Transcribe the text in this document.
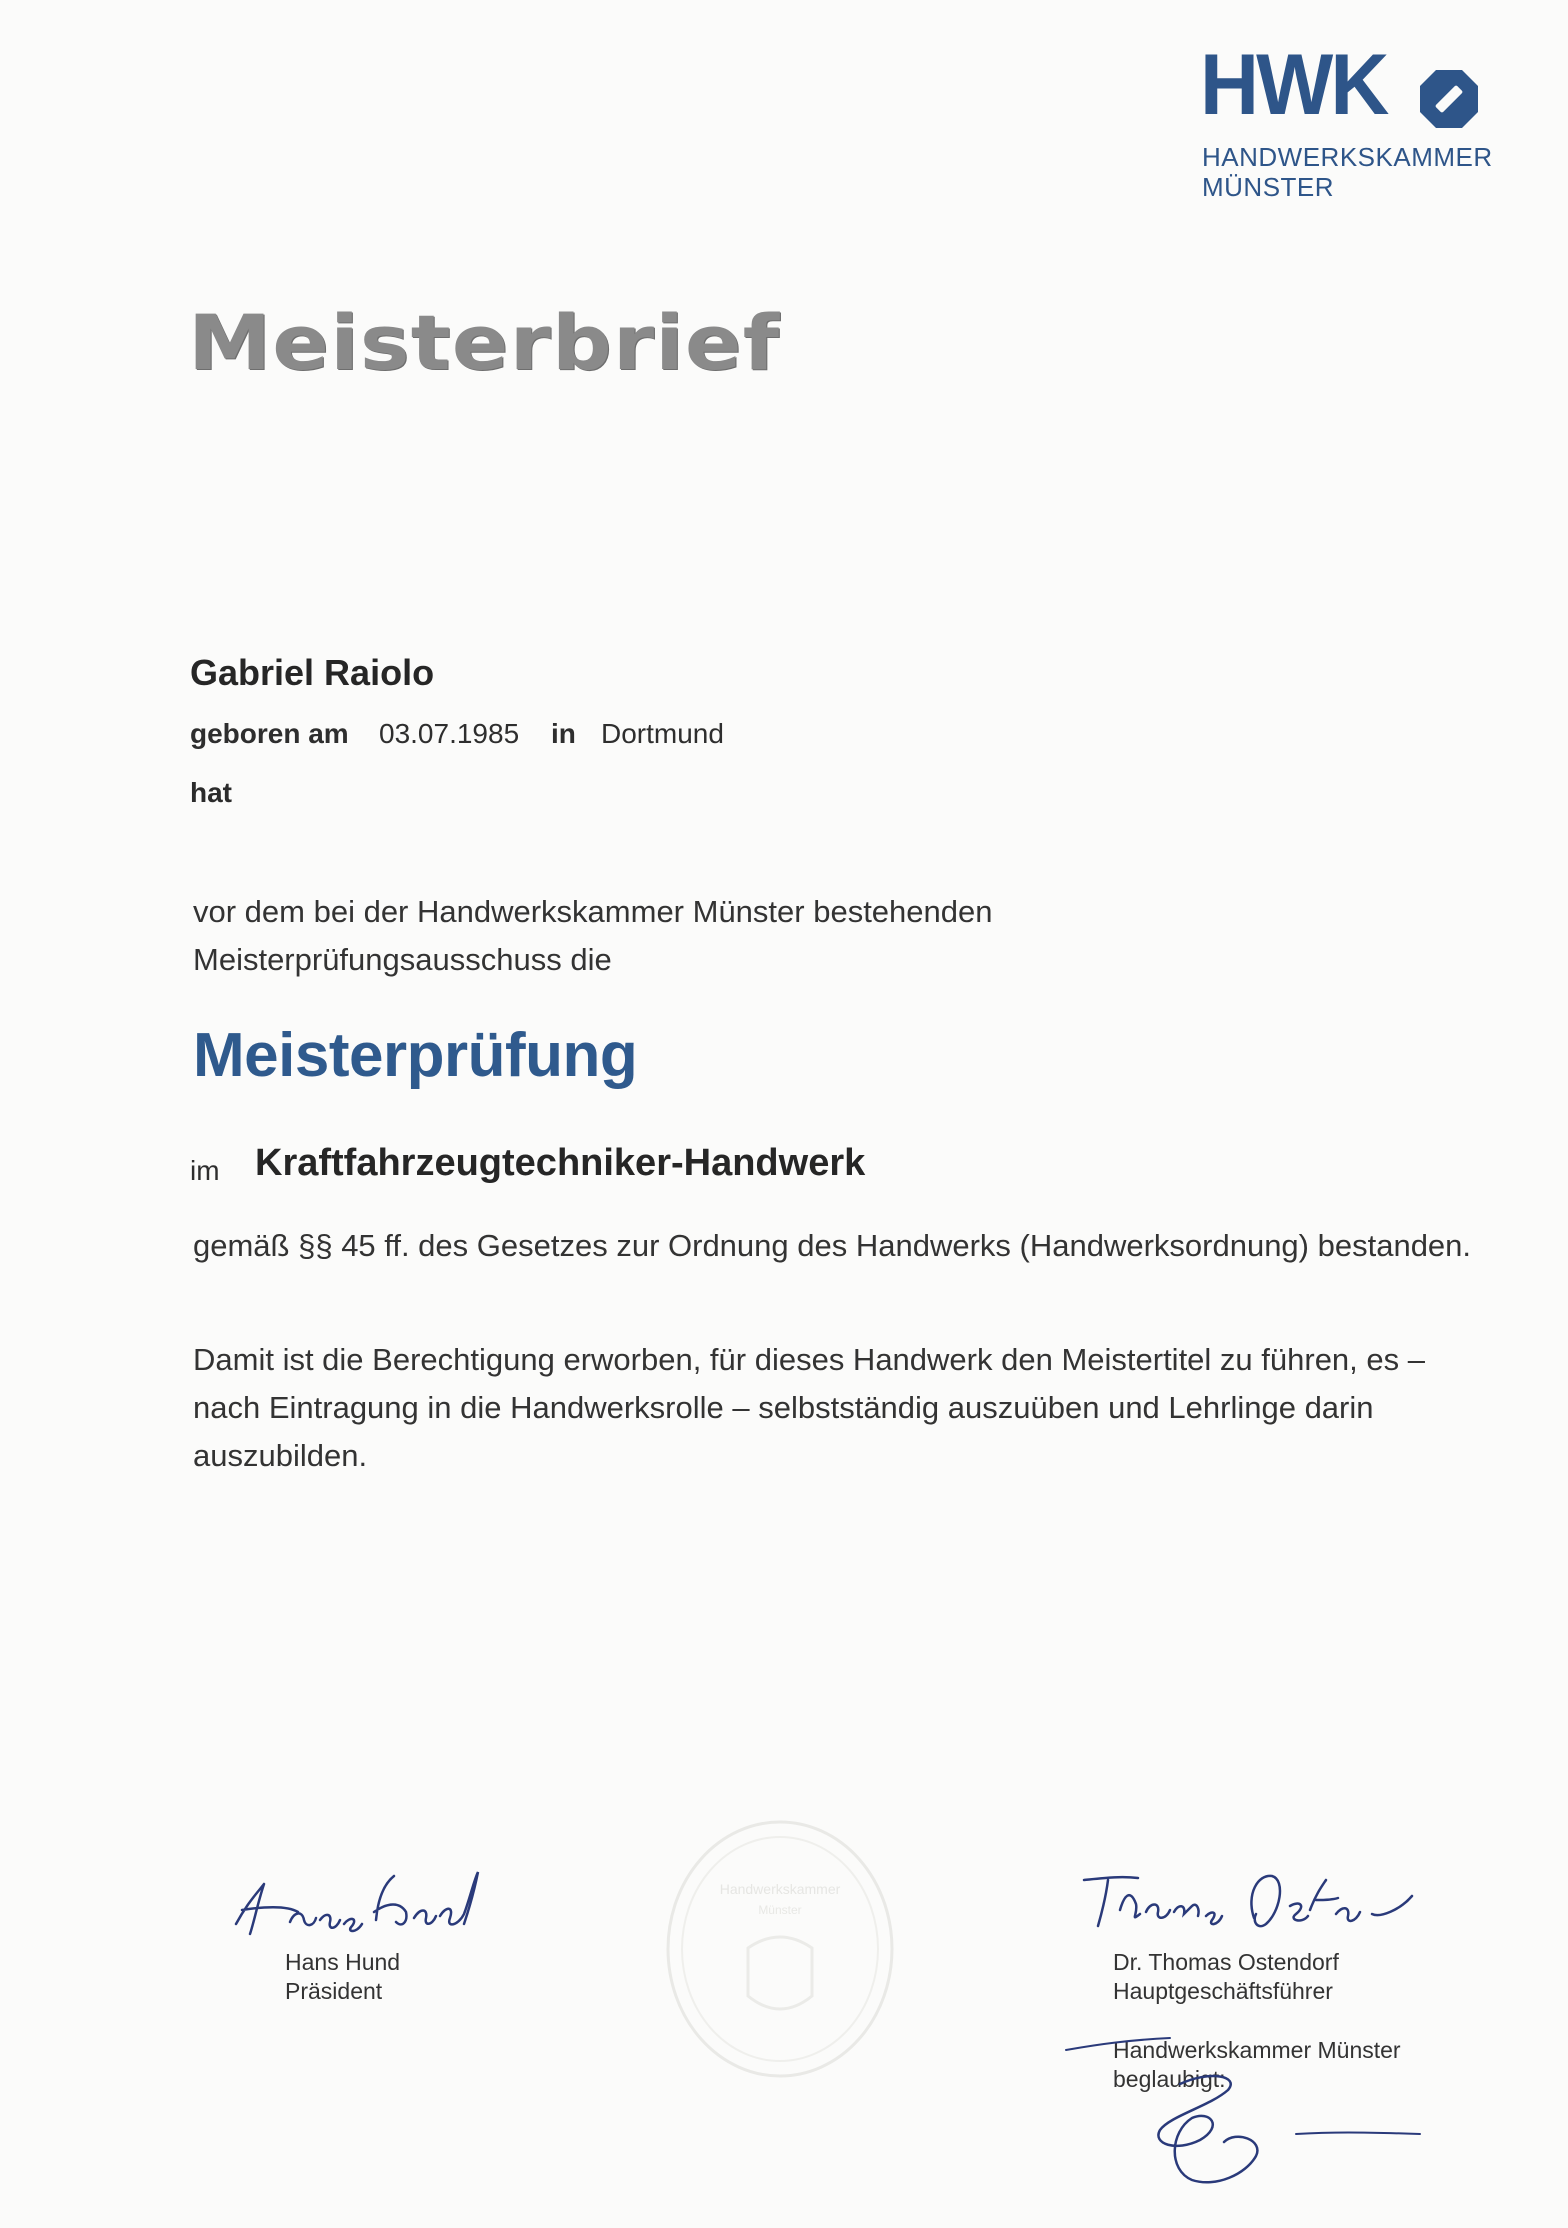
HWK
HANDWERKSKAMMER
MÜNSTER
Meisterbrief
Gabriel Raiolo
geboren am 03.07.1985 in Dortmund
hat
vor dem bei der Handwerkskammer Münster bestehenden Meisterprüfungsausschuss die
Meisterprüfung
im Kraftfahrzeugtechniker-Handwerk
gemäß §§ 45 ff. des Gesetzes zur Ordnung des Handwerks (Handwerksordnung) bestanden.
Damit ist die Berechtigung erworben, für dieses Handwerk den Meistertitel zu führen, es – nach Eintragung in die Handwerksrolle – selbstständig auszuüben und Lehrlinge darin auszubilden.
Handwerkskammer
Münster
Hans Hund
Präsident
Dr. Thomas Ostendorf
Hauptgeschäftsführer
Handwerkskammer Münster
beglaubigt:
